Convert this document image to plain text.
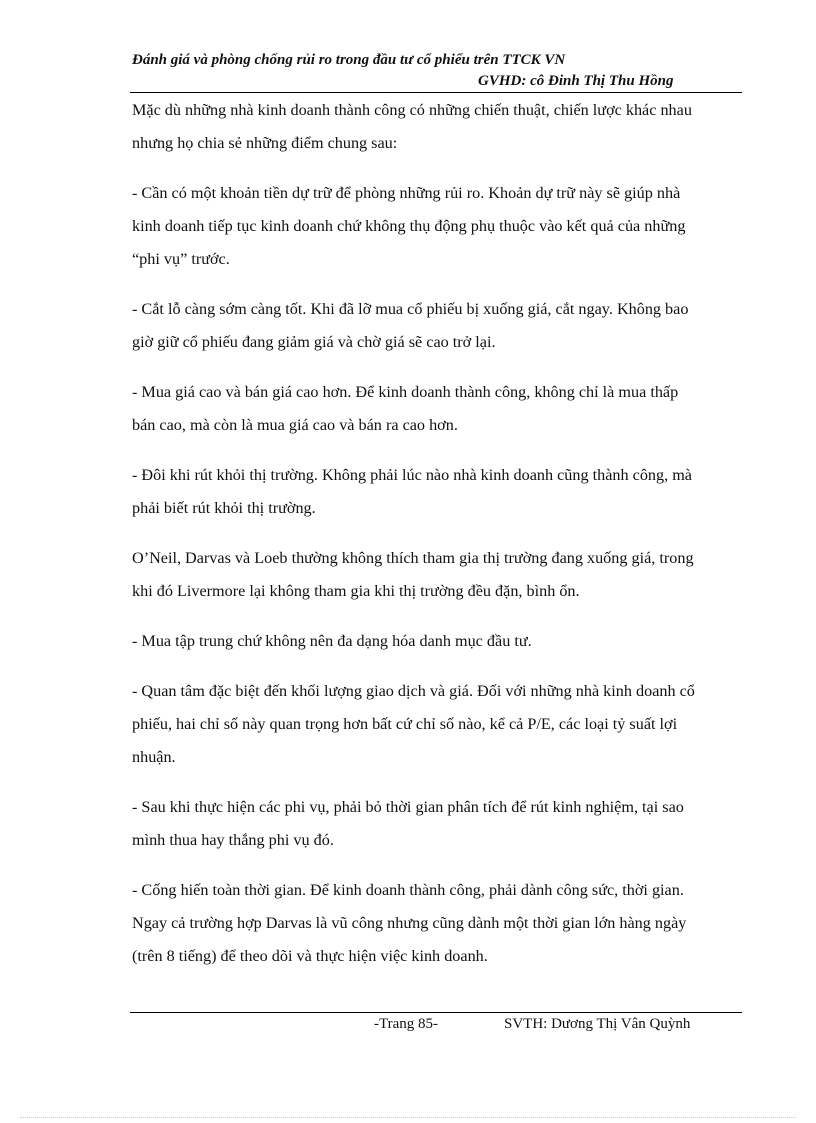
Đánh giá và phòng chống rủi ro trong đầu tư cổ phiếu trên TTCK VN
GVHD: cô Đinh Thị Thu Hồng
Mặc dù những nhà kinh doanh thành công có những chiến thuật, chiến lược khác nhau
nhưng họ chia sẻ những điểm chung sau:
- Cần có một khoản tiền dự trữ để phòng những rủi ro. Khoản dự trữ này sẽ giúp nhà
kinh doanh tiếp tục kinh doanh chứ không thụ động phụ thuộc vào kết quả của những
“phi vụ” trước.
- Cắt lỗ càng sớm càng tốt. Khi đã lỡ mua cổ phiếu bị xuống giá, cắt ngay. Không bao
giờ giữ cổ phiếu đang giảm giá và chờ giá sẽ cao trở lại.
- Mua giá cao và bán giá cao hơn. Để kinh doanh thành công, không chỉ là mua thấp
bán cao, mà còn là mua giá cao và bán ra cao hơn.
- Đôi khi rút khỏi thị trường. Không phải lúc nào nhà kinh doanh cũng thành công, mà
phải biết rút khỏi thị trường.
O’Neil, Darvas và Loeb thường không thích tham gia thị trường đang xuống giá, trong
khi đó Livermore lại không tham gia khi thị trường đều đặn, bình ổn.
- Mua tập trung chứ không nên đa dạng hóa danh mục đầu tư.
- Quan tâm đặc biệt đến khối lượng giao dịch và giá. Đối với những nhà kinh doanh cổ
phiếu, hai chỉ số này quan trọng hơn bất cứ chỉ số nào, kể cả P/E, các loại tỷ suất lợi
nhuận.
- Sau khi thực hiện các phi vụ, phải bỏ thời gian phân tích để rút kinh nghiệm, tại sao
mình thua hay thắng phi vụ đó.
- Cống hiến toàn thời gian. Để kinh doanh thành công, phải dành công sức, thời gian.
Ngay cả trường hợp Darvas là vũ công nhưng cũng dành một thời gian lớn hàng ngày
(trên 8 tiếng) để theo dõi và thực hiện việc kinh doanh.
-Trang 85-	SVTH: Dương Thị Vân Quỳnh
